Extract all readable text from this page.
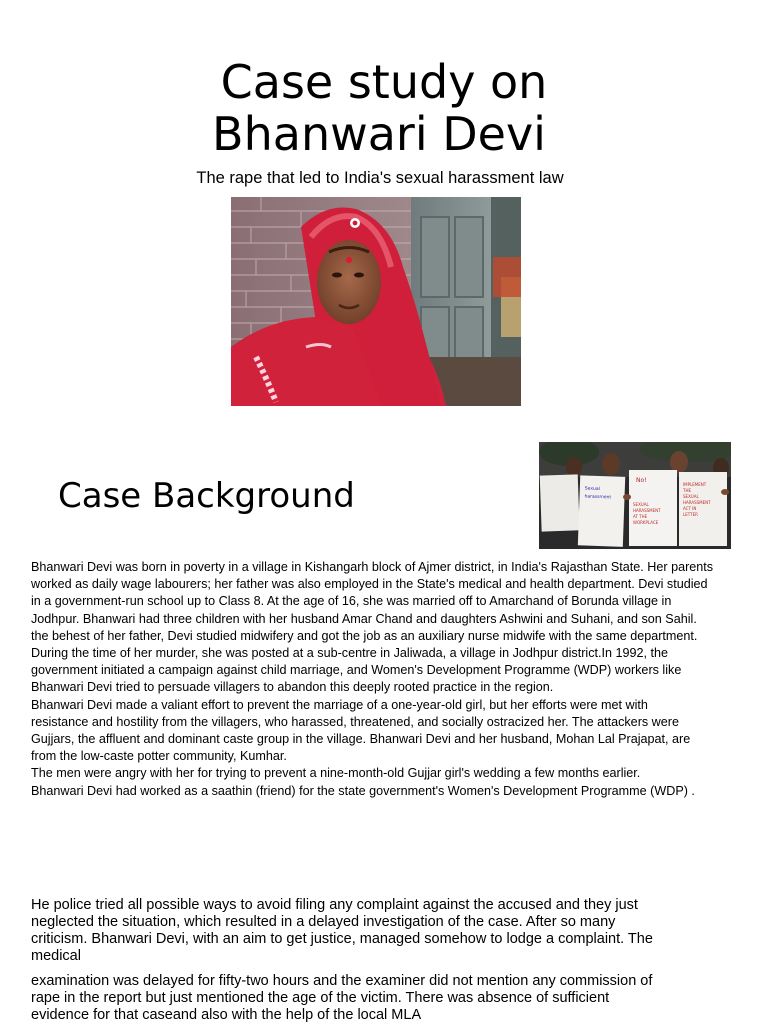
Case study on
Bhanwari Devi
The rape that led to India's sexual harassment law
Case Background	Sexual
harassment
No!
SEXUAL
HARASSMENT
AT THE
WORKPLACE
IMPLEMENT
THE
SEXUAL
HARASSMENT
ACT IN
LETTER
Bhanwari Devi was born in poverty in a village in Kishangarh block of Ajmer district, in India's Rajasthan State. Her parents
worked as daily wage labourers; her father was also employed in the State's medical and health department. Devi studied
in a government-run school up to Class 8. At the age of 16, she was married off to Amarchand of Borunda village in
Jodhpur. Bhanwari had three children with her husband Amar Chand and daughters Ashwini and Suhani, and son Sahil.
the behest of her father, Devi studied midwifery and got the job as an auxiliary nurse midwife with the same department.
During the time of her murder, she was posted at a sub-centre in Jaliwada, a village in Jodhpur district.In 1992, the
government initiated a campaign against child marriage, and Women's Development Programme (WDP) workers like
Bhanwari Devi tried to persuade villagers to abandon this deeply rooted practice in the region.
Bhanwari Devi made a valiant effort to prevent the marriage of a one-year-old girl, but her efforts were met with
resistance and hostility from the villagers, who harassed, threatened, and socially ostracized her. The attackers were
Gujjars, the affluent and dominant caste group in the village. Bhanwari Devi and her husband, Mohan Lal Prajapat, are
from the low-caste potter community, Kumhar.
The men were angry with her for trying to prevent a nine-month-old Gujjar girl's wedding a few months earlier.
Bhanwari Devi had worked as a saathin (friend) for the state government's Women's Development Programme (WDP) .
He police tried all possible ways to avoid filing any complaint against the accused and they just
neglected the situation, which resulted in a delayed investigation of the case. After so many
criticism. Bhanwari Devi, with an aim to get justice, managed somehow to lodge a complaint. The
medical
examination was delayed for fifty-two hours and the examiner did not mention any commission of
rape in the report but just mentioned the age of the victim. There was absence of sufficient
evidence for that caseand also with the help of the local MLA
